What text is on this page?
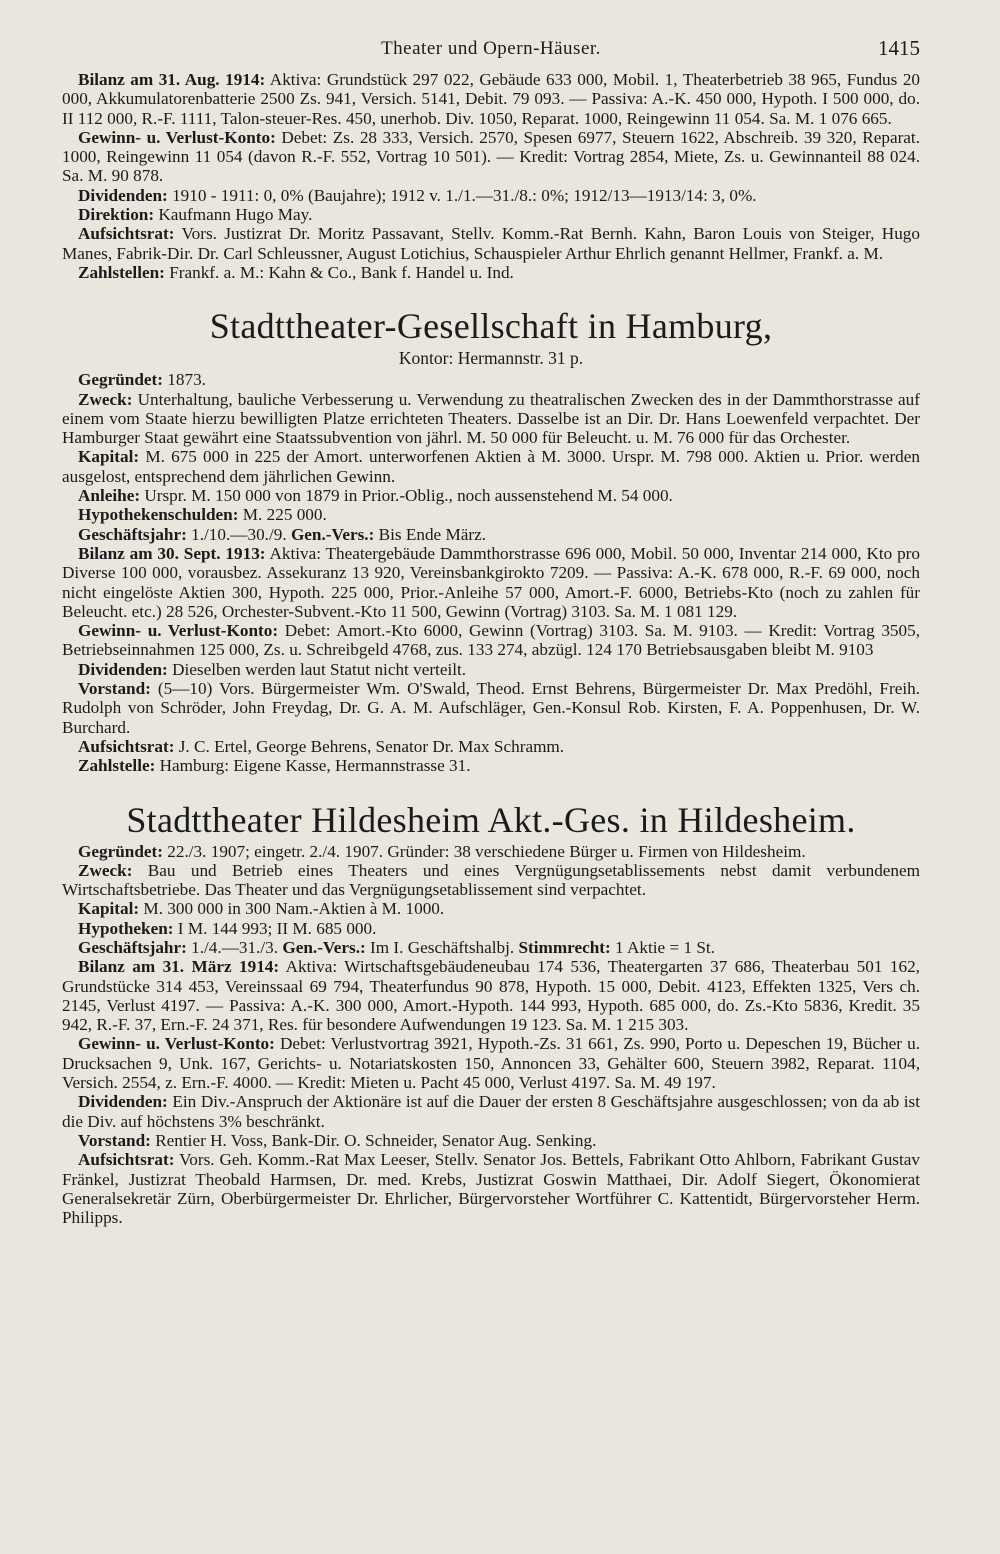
Theater und Opern-Häuser.	1415

Bilanz am 31. Aug. 1914: Aktiva: Grundstück 297 022, Gebäude 633 000, Mobil. 1, Theaterbetrieb 38 965, Fundus 20 000, Akkumulatorenbatterie 2500 Zs. 941, Versich. 5141, Debit. 79 093. — Passiva: A.-K. 450 000, Hypoth. I 500 000, do. II 112 000, R.-F. 1111, Talon-steuer-Res. 450, unerhob. Div. 1050, Reparat. 1000, Reingewinn 11 054. Sa. M. 1 076 665.

Gewinn- u. Verlust-Konto: Debet: Zs. 28 333, Versich. 2570, Spesen 6977, Steuern 1622, Abschreib. 39 320, Reparat. 1000, Reingewinn 11 054 (davon R.-F. 552, Vortrag 10 501). — Kredit: Vortrag 2854, Miete, Zs. u. Gewinnanteil 88 024. Sa. M. 90 878.

Dividenden: 1910 - 1911: 0, 0% (Baujahre); 1912 v. 1./1.—31./8.: 0%; 1912/13—1913/14: 3, 0%.

Direktion: Kaufmann Hugo May.

Aufsichtsrat: Vors. Justizrat Dr. Moritz Passavant, Stellv. Komm.-Rat Bernh. Kahn, Baron Louis von Steiger, Hugo Manes, Fabrik-Dir. Dr. Carl Schleussner, August Lotichius, Schauspieler Arthur Ehrlich genannt Hellmer, Frankf. a. M.

Zahlstellen: Frankf. a. M.: Kahn & Co., Bank f. Handel u. Ind.

Stadttheater-Gesellschaft in Hamburg,
Kontor: Hermannstr. 31 p.

Gegründet: 1873.

Zweck: Unterhaltung, bauliche Verbesserung u. Verwendung zu theatralischen Zwecken des in der Dammthorstrasse auf einem vom Staate hierzu bewilligten Platze errichteten Theaters. Dasselbe ist an Dir. Dr. Hans Loewenfeld verpachtet. Der Hamburger Staat gewährt eine Staatssubvention von jährl. M. 50 000 für Beleucht. u. M. 76 000 für das Orchester.

Kapital: M. 675 000 in 225 der Amort. unterworfenen Aktien à M. 3000. Urspr. M. 798 000. Aktien u. Prior. werden ausgelost, entsprechend dem jährlichen Gewinn.

Anleihe: Urspr. M. 150 000 von 1879 in Prior.-Oblig., noch aussenstehend M. 54 000.

Hypothekenschulden: M. 225 000.

Geschäftsjahr: 1./10.—30./9. Gen.-Vers.: Bis Ende März.

Bilanz am 30. Sept. 1913: Aktiva: Theatergebäude Dammthorstrasse 696 000, Mobil. 50 000, Inventar 214 000, Kto pro Diverse 100 000, vorausbez. Assekuranz 13 920, Vereinsbankgirokto 7209. — Passiva: A.-K. 678 000, R.-F. 69 000, noch nicht eingelöste Aktien 300, Hypoth. 225 000, Prior.-Anleihe 57 000, Amort.-F. 6000, Betriebs-Kto (noch zu zahlen für Beleucht. etc.) 28 526, Orchester-Subvent.-Kto 11 500, Gewinn (Vortrag) 3103. Sa. M. 1 081 129.

Gewinn- u. Verlust-Konto: Debet: Amort.-Kto 6000, Gewinn (Vortrag) 3103. Sa. M. 9103. — Kredit: Vortrag 3505, Betriebseinnahmen 125 000, Zs. u. Schreibgeld 4768, zus. 133 274, abzügl. 124 170 Betriebsausgaben bleibt M. 9103

Dividenden: Dieselben werden laut Statut nicht verteilt.

Vorstand: (5—10) Vors. Bürgermeister Wm. O'Swald, Theod. Ernst Behrens, Bürgermeister Dr. Max Predöhl, Freih. Rudolph von Schröder, John Freydag, Dr. G. A. M. Aufschläger, Gen.-Konsul Rob. Kirsten, F. A. Poppenhusen, Dr. W. Burchard.

Aufsichtsrat: J. C. Ertel, George Behrens, Senator Dr. Max Schramm.

Zahlstelle: Hamburg: Eigene Kasse, Hermannstrasse 31.

Stadttheater Hildesheim Akt.-Ges. in Hildesheim.

Gegründet: 22./3. 1907; eingetr. 2./4. 1907. Gründer: 38 verschiedene Bürger u. Firmen von Hildesheim.

Zweck: Bau und Betrieb eines Theaters und eines Vergnügungsetablissements nebst damit verbundenem Wirtschaftsbetriebe. Das Theater und das Vergnügungsetablissement sind verpachtet.

Kapital: M. 300 000 in 300 Nam.-Aktien à M. 1000.

Hypotheken: I M. 144 993; II M. 685 000.

Geschäftsjahr: 1./4.—31./3. Gen.-Vers.: Im I. Geschäftshalbj. Stimmrecht: 1 Aktie = 1 St.

Bilanz am 31. März 1914: Aktiva: Wirtschaftsgebäudeneubau 174 536, Theatergarten 37 686, Theaterbau 501 162, Grundstücke 314 453, Vereinssaal 69 794, Theaterfundus 90 878, Hypoth. 15 000, Debit. 4123, Effekten 1325, Vers ch. 2145, Verlust 4197. — Passiva: A.-K. 300 000, Amort.-Hypoth. 144 993, Hypoth. 685 000, do. Zs.-Kto 5836, Kredit. 35 942, R.-F. 37, Ern.-F. 24 371, Res. für besondere Aufwendungen 19 123. Sa. M. 1 215 303.

Gewinn- u. Verlust-Konto: Debet: Verlustvortrag 3921, Hypoth.-Zs. 31 661, Zs. 990, Porto u. Depeschen 19, Bücher u. Drucksachen 9, Unk. 167, Gerichts- u. Notariatskosten 150, Annoncen 33, Gehälter 600, Steuern 3982, Reparat. 1104, Versich. 2554, z. Ern.-F. 4000. — Kredit: Mieten u. Pacht 45 000, Verlust 4197. Sa. M. 49 197.

Dividenden: Ein Div.-Anspruch der Aktionäre ist auf die Dauer der ersten 8 Geschäftsjahre ausgeschlossen; von da ab ist die Div. auf höchstens 3% beschränkt.

Vorstand: Rentier H. Voss, Bank-Dir. O. Schneider, Senator Aug. Senking.

Aufsichtsrat: Vors. Geh. Komm.-Rat Max Leeser, Stellv. Senator Jos. Bettels, Fabrikant Otto Ahlborn, Fabrikant Gustav Fränkel, Justizrat Theobald Harmsen, Dr. med. Krebs, Justizrat Goswin Matthaei, Dir. Adolf Siegert, Ökonomierat Generalsekretär Zürn, Oberbürgermeister Dr. Ehrlicher, Bürgervorsteher Wortführer C. Kattentidt, Bürgervorsteher Herm. Philipps.
